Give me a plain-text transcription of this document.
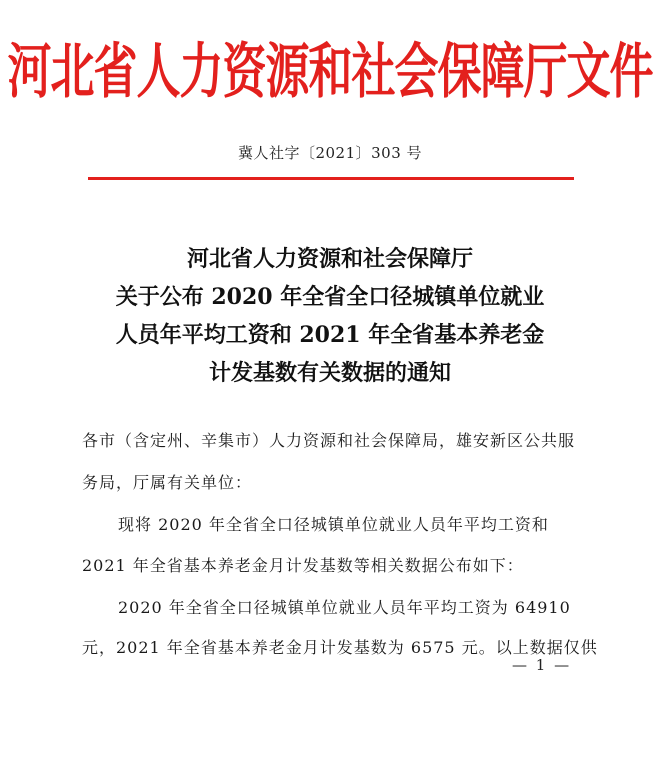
河北省人力资源和社会保障厅文件
冀人社字〔2021〕303 号
河北省人力资源和社会保障厅
关于公布 2020 年全省全口径城镇单位就业
人员年平均工资和 2021 年全省基本养老金
计发基数有关数据的通知
各市（含定州、辛集市）人力资源和社会保障局，雄安新区公共服
务局，厅属有关单位：
现将 2020 年全省全口径城镇单位就业人员年平均工资和
2021 年全省基本养老金月计发基数等相关数据公布如下：
2020 年全省全口径城镇单位就业人员年平均工资为 64910
元，2021 年全省基本养老金月计发基数为 6575 元。以上数据仅供
— 1 —
